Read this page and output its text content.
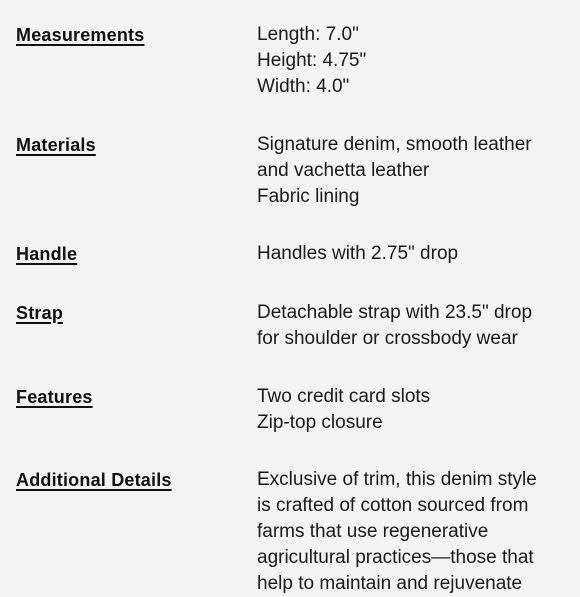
Measurements	Length: 7.0"
Height: 4.75"
Width: 4.0"
Materials	Signature denim, smooth leather
and vachetta leather
Fabric lining
Handle	Handles with 2.75" drop
Strap	Detachable strap with 23.5" drop
for shoulder or crossbody wear
Features	Two credit card slots
Zip-top closure
Additional Details	Exclusive of trim, this denim style
is crafted of cotton sourced from
farms that use regenerative
agricultural practices—those that
help to maintain and rejuvenate
